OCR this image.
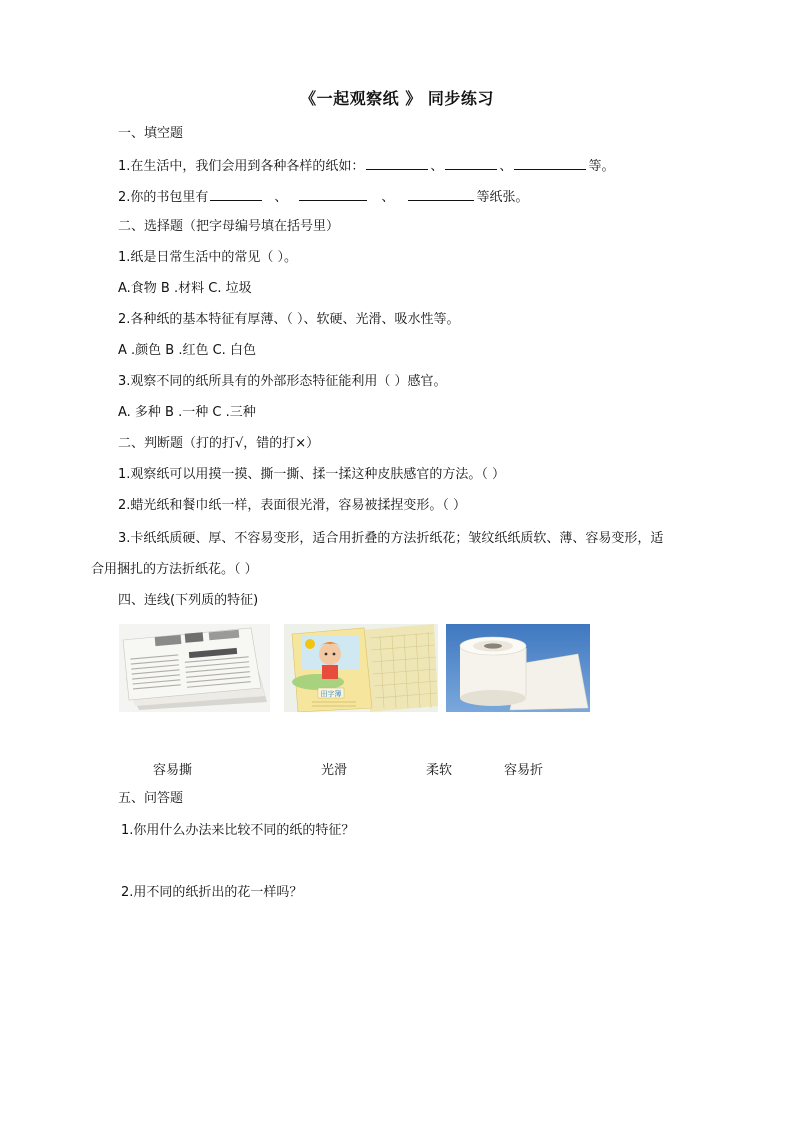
《一起观察纸 》 同步练习
一、填空题
1.在生活中，我们会用到各种各样的纸如：	、	、	等。
2.你的书包里有	、	、	等纸张。
二、选择题（把字母编号填在括号里）
1.纸是日常生活中的常见（ ）。
A.食物 B .材料 C. 垃圾
2.各种纸的基本特征有厚薄、（ ）、软硬、光滑、吸水性等。
A .颜色 B .红色 C. 白色
3.观察不同的纸所具有的外部形态特征能利用（ ）感官。
A. 多种 B .一种 C .三种
二、判断题（打的打√，错的打×）
1.观察纸可以用摸一摸、撕一撕、揉一揉这种皮肤感官的方法。（ ）
2.蜡光纸和餐巾纸一样，表面很光滑，容易被揉捏变形。（ ）
3.卡纸纸质硬、厚、不容易变形，适合用折叠的方法折纸花；皱纹纸纸质软、薄、容易变形，适
合用捆扎的方法折纸花。（ ）
四、连线(下列质的特征)
田字簿
容易撕	光滑	柔软	容易折
五、问答题
1.你用什么办法来比较不同的纸的特征？
2.用不同的纸折出的花一样吗？
